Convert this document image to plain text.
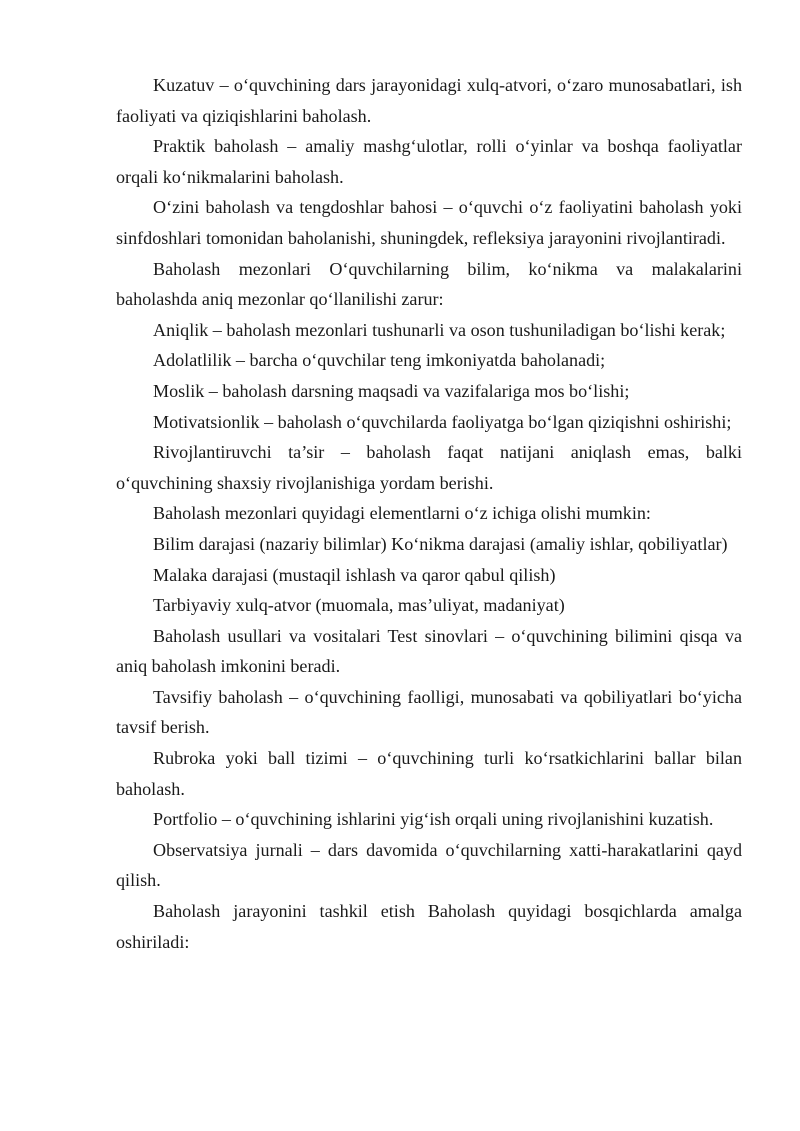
Kuzatuv – o‘quvchining dars jarayonidagi xulq-atvori, o‘zaro munosabatlari, ish faoliyati va qiziqishlarini baholash.

Praktik baholash – amaliy mashg‘ulotlar, rolli o‘yinlar va boshqa faoliyatlar orqali ko‘nikmalarini baholash.

O‘zini baholash va tengdoshlar bahosi – o‘quvchi o‘z faoliyatini baholash yoki sinfdoshlari tomonidan baholanishi, shuningdek, refleksiya jarayonini rivojlantiradi.

Baholash mezonlari O‘quvchilarning bilim, ko‘nikma va malakalarini baholashda aniq mezonlar qo‘llanilishi zarur:

Aniqlik – baholash mezonlari tushunarli va oson tushuniladigan bo‘lishi kerak;

Adolatlilik – barcha o‘quvchilar teng imkoniyatda baholanadi;

Moslik – baholash darsning maqsadi va vazifalariga mos bo‘lishi;

Motivatsionlik – baholash o‘quvchilarda faoliyatga bo‘lgan qiziqishni oshirishi;

Rivojlantiruvchi ta’sir – baholash faqat natijani aniqlash emas, balki o‘quvchining shaxsiy rivojlanishiga yordam berishi.

Baholash mezonlari quyidagi elementlarni o‘z ichiga olishi mumkin:

Bilim darajasi (nazariy bilimlar) Ko‘nikma darajasi (amaliy ishlar, qobiliyatlar)

Malaka darajasi (mustaqil ishlash va qaror qabul qilish)

Tarbiyaviy xulq-atvor (muomala, mas’uliyat, madaniyat)

Baholash usullari va vositalari Test sinovlari – o‘quvchining bilimini qisqa va aniq baholash imkonini beradi.

Tavsifiy baholash – o‘quvchining faolligi, munosabati va qobiliyatlari bo‘yicha tavsif berish.

Rubroka yoki ball tizimi – o‘quvchining turli ko‘rsatkichlarini ballar bilan baholash.

Portfolio – o‘quvchining ishlarini yig‘ish orqali uning rivojlanishini kuzatish.

Observatsiya jurnali – dars davomida o‘quvchilarning xatti-harakatlarini qayd qilish.

Baholash jarayonini tashkil etish Baholash quyidagi bosqichlarda amalga oshiriladi:
